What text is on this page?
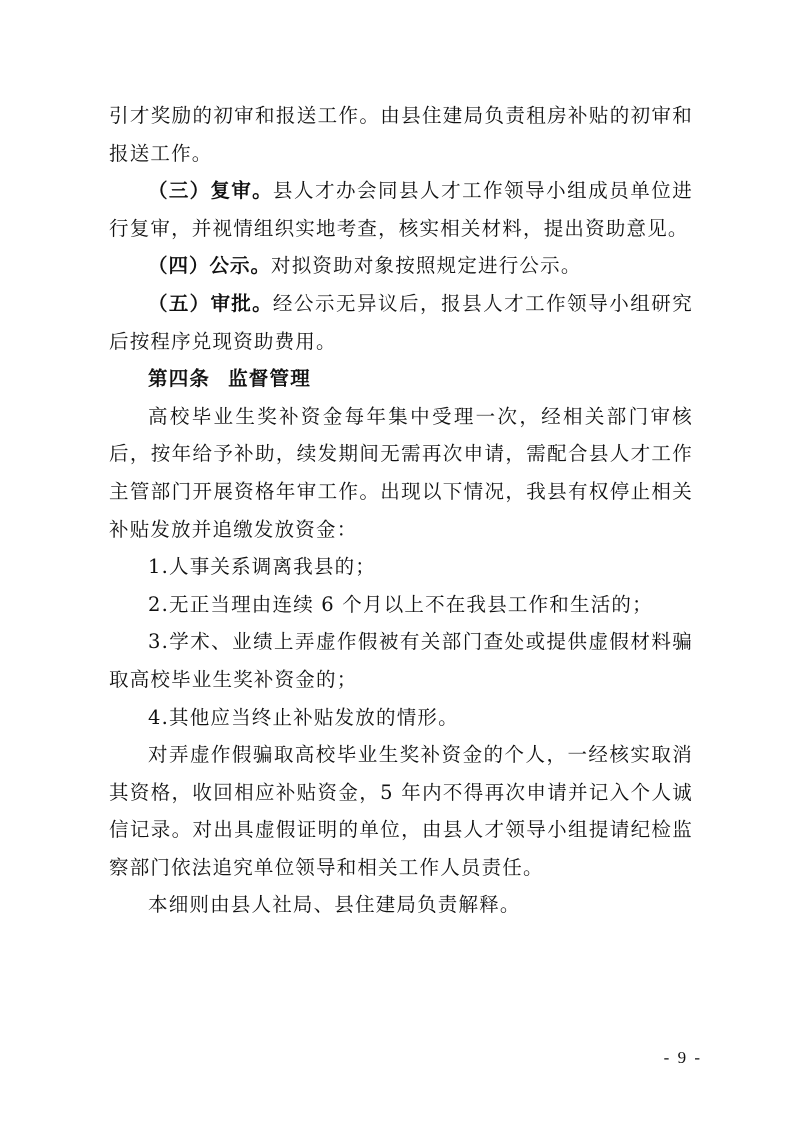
引才奖励的初审和报送工作。由县住建局负责租房补贴的初审和报送工作。

（三）复审。县人才办会同县人才工作领导小组成员单位进行复审，并视情组织实地考查，核实相关材料，提出资助意见。

（四）公示。对拟资助对象按照规定进行公示。

（五）审批。经公示无异议后，报县人才工作领导小组研究后按程序兑现资助费用。

第四条 监督管理

高校毕业生奖补资金每年集中受理一次，经相关部门审核后，按年给予补助，续发期间无需再次申请，需配合县人才工作主管部门开展资格年审工作。出现以下情况，我县有权停止相关补贴发放并追缴发放资金：

1.人事关系调离我县的；

2.无正当理由连续 6 个月以上不在我县工作和生活的；

3.学术、业绩上弄虚作假被有关部门查处或提供虚假材料骗取高校毕业生奖补资金的；

4.其他应当终止补贴发放的情形。

对弄虚作假骗取高校毕业生奖补资金的个人，一经核实取消其资格，收回相应补贴资金，5 年内不得再次申请并记入个人诚信记录。对出具虚假证明的单位，由县人才领导小组提请纪检监察部门依法追究单位领导和相关工作人员责任。

本细则由县人社局、县住建局负责解释。

- 9 -
